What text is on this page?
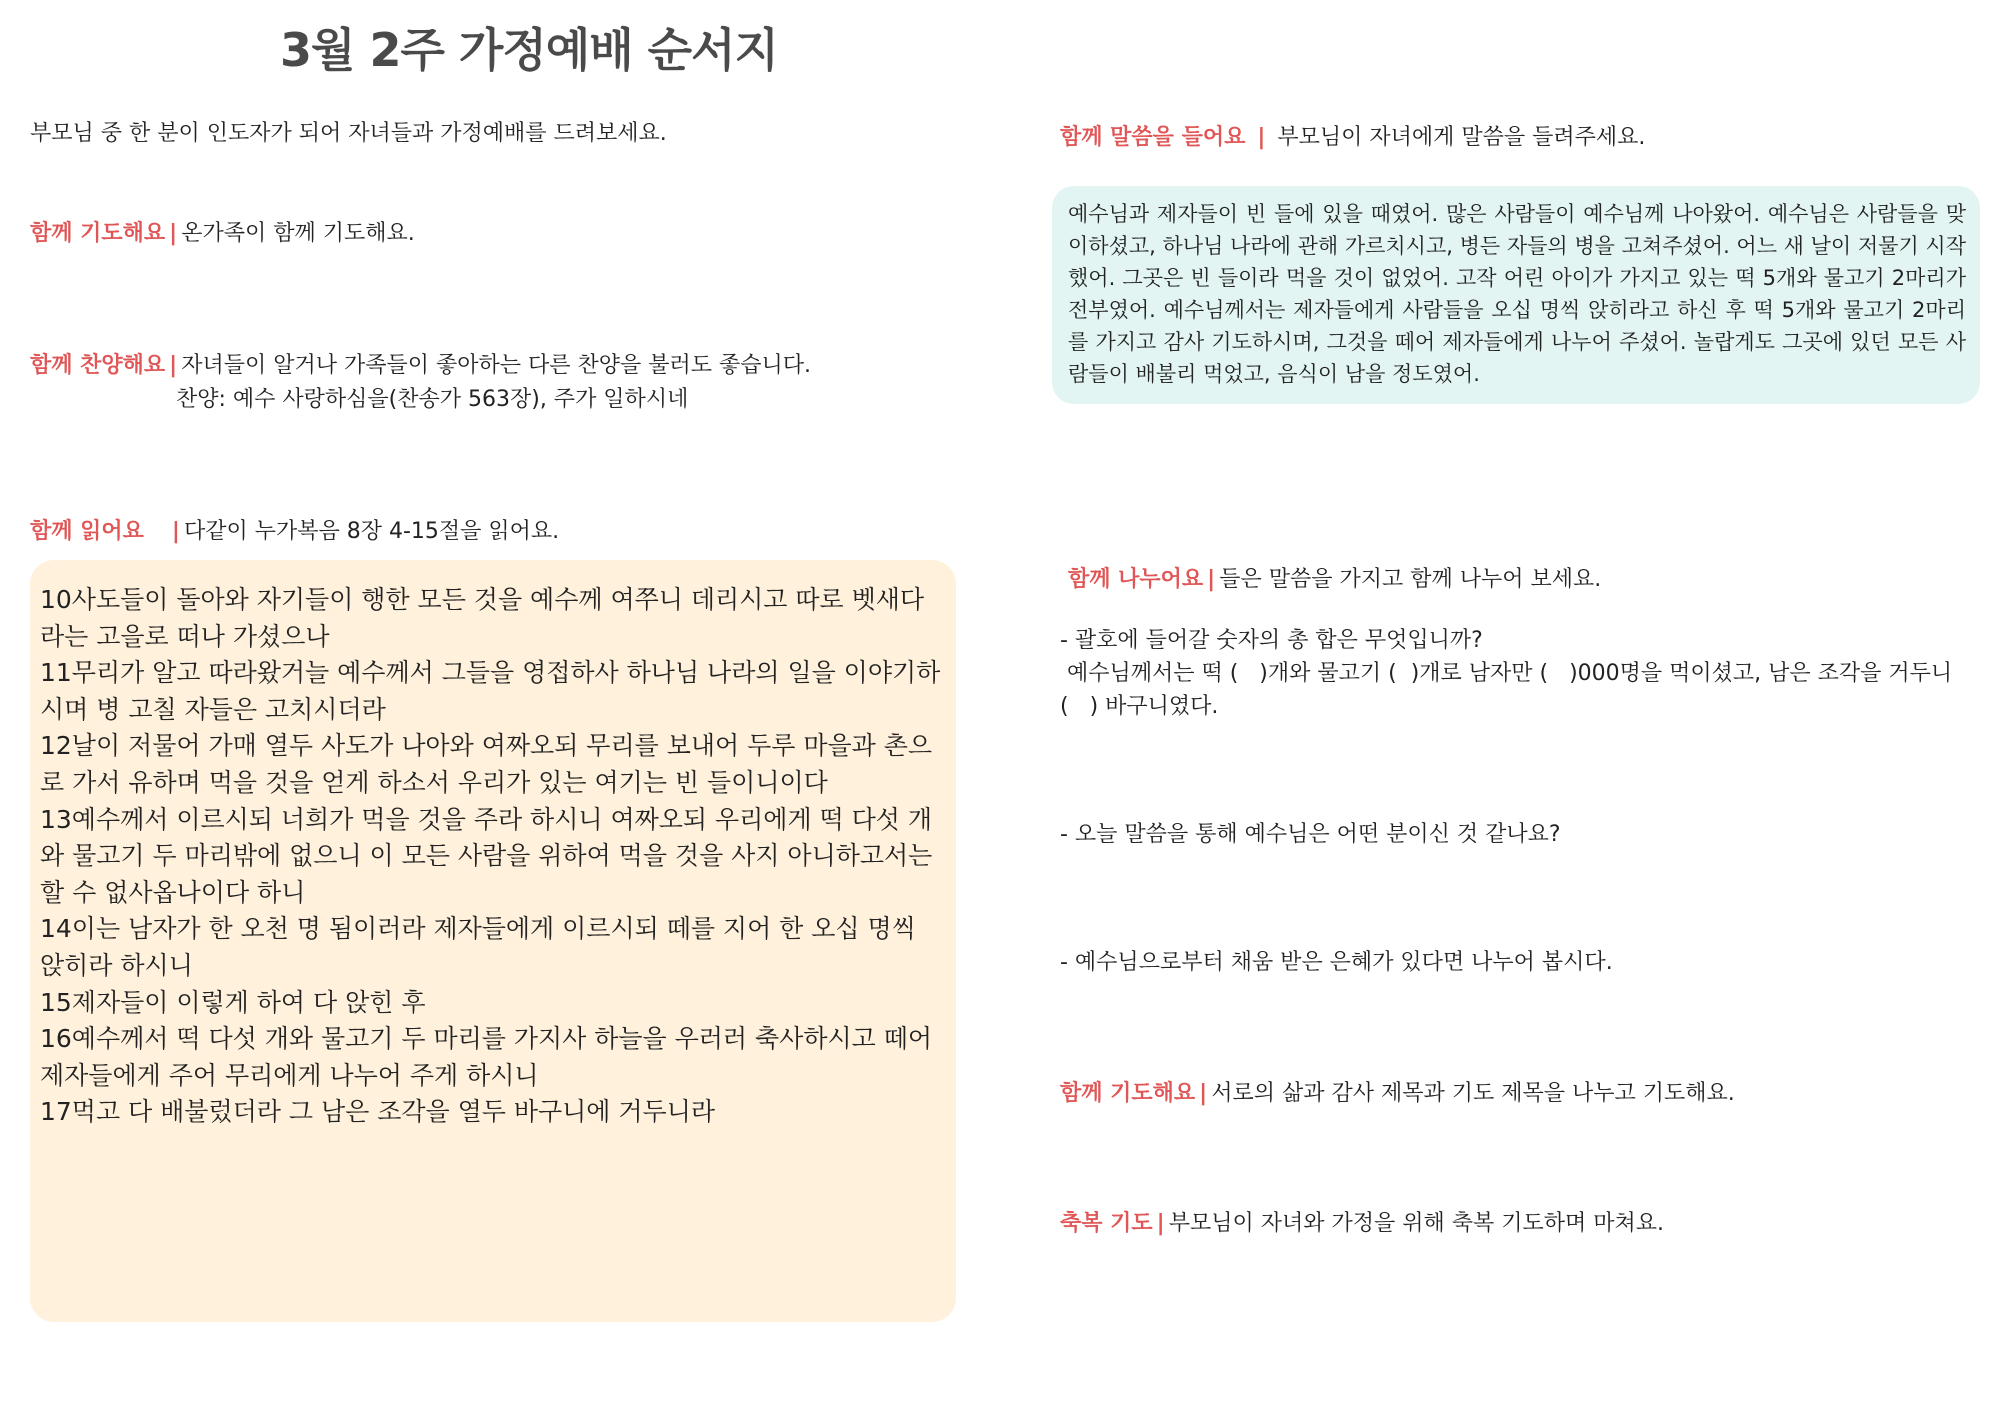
3월 2주 가정예배 순서지
부모님 중 한 분이 인도자가 되어 자녀들과 가정예배를 드려보세요.
함께 기도해요 | 온가족이 함께 기도해요.
함께 찬양해요 | 자녀들이 알거나 가족들이 좋아하는 다른 찬양을 불러도 좋습니다.
찬양: 예수 사랑하심을(찬송가 563장), 주가 일하시네
함께 읽어요 | 다같이 누가복음 8장 4-15절을 읽어요.

10사도들이 돌아와 자기들이 행한 모든 것을 예수께 여쭈니 데리시고 따로 벳새다라는 고을로 떠나 가셨으나

11무리가 알고 따라왔거늘 예수께서 그들을 영접하사 하나님 나라의 일을 이야기하시며 병 고칠 자들은 고치시더라

12날이 저물어 가매 열두 사도가 나아와 여짜오되 무리를 보내어 두루 마을과 촌으로 가서 유하며 먹을 것을 얻게 하소서 우리가 있는 여기는 빈 들이니이다

13예수께서 이르시되 너희가 먹을 것을 주라 하시니 여짜오되 우리에게 떡 다섯 개와 물고기 두 마리밖에 없으니 이 모든 사람을 위하여 먹을 것을 사지 아니하고서는 할 수 없사옵나이다 하니

14이는 남자가 한 오천 명 됨이러라 제자들에게 이르시되 떼를 지어 한 오십 명씩 앉히라 하시니

15제자들이 이렇게 하여 다 앉힌 후

16예수께서 떡 다섯 개와 물고기 두 마리를 가지사 하늘을 우러러 축사하시고 떼어 제자들에게 주어 무리에게 나누어 주게 하시니

17먹고 다 배불렀더라 그 남은 조각을 열두 바구니에 거두니라

함께 말씀을 들어요 | 부모님이 자녀에게 말씀을 들려주세요.
예수님과 제자들이 빈 들에 있을 때였어. 많은 사람들이 예수님께 나아왔어. 예수님은 사람들을 맞이하셨고, 하나님 나라에 관해 가르치시고, 병든 자들의 병을 고쳐주셨어. 어느 새 날이 저물기 시작했어. 그곳은 빈 들이라 먹을 것이 없었어. 고작 어린 아이가 가지고 있는 떡 5개와 물고기 2마리가 전부였어. 예수님께서는 제자들에게 사람들을 오십 명씩 앉히라고 하신 후 떡 5개와 물고기 2마리를 가지고 감사 기도하시며, 그것을 떼어 제자들에게 나누어 주셨어. 놀랍게도 그곳에 있던 모든 사람들이 배불리 먹었고, 음식이 남을 정도였어.
함께 나누어요 | 들은 말씀을 가지고 함께 나누어 보세요.
- 괄호에 들어갈 숫자의 총 합은 무엇입니까?
예수님께서는 떡 (   )개와 물고기 (  )개로 남자만 (   )000명을 먹이셨고, 남은 조각을 거두니
(   ) 바구니였다.
- 오늘 말씀을 통해 예수님은 어떤 분이신 것 같나요?
- 예수님으로부터 채움 받은 은혜가 있다면 나누어 봅시다.
함께 기도해요 | 서로의 삶과 감사 제목과 기도 제목을 나누고 기도해요.
축복 기도 | 부모님이 자녀와 가정을 위해 축복 기도하며 마쳐요.
